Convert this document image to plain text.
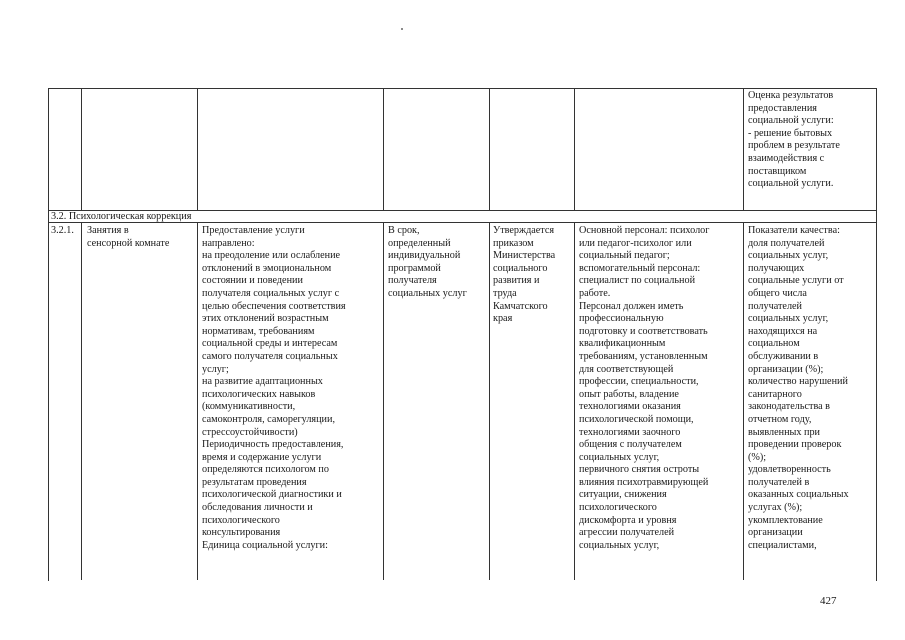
Оценка результатов
предоставления
социальной услуги:
- решение бытовых
проблем в результате
взаимодействия с
поставщиком
социальной услуги.
3.2. Психологическая коррекция
3.2.1.	Занятия в
сенсорной комнате
Предоставление услуги
направлено:
на преодоление или ослабление
отклонений в эмоциональном
состоянии и поведении
получателя социальных услуг с
целью обеспечения соответствия
этих отклонений возрастным
нормативам, требованиям
социальной среды и интересам
самого получателя социальных
услуг;
на развитие адаптационных
психологических навыков
(коммуникативности,
самоконтроля, саморегуляции,
стрессоустойчивости)
Периодичность предоставления,
время и содержание услуги
определяются психологом по
результатам проведения
психологической диагностики и
обследования личности и
психологического
консультирования
Единица социальной услуги:
В срок,
определенный
индивидуальной
программой
получателя
социальных услуг
Утверждается
приказом
Министерства
социального
развития и
труда
Камчатского
края
Основной персонал: психолог
или педагог-психолог или
социальный педагог;
вспомогательный персонал:
специалист по социальной
работе.
Персонал должен иметь
профессиональную
подготовку и соответствовать
квалификационным
требованиям, установленным
для соответствующей
профессии, специальности,
опыт работы, владение
технологиями оказания
психологической помощи,
технологиями заочного
общения с получателем
социальных услуг,
первичного снятия остроты
влияния психотравмирующей
ситуации, снижения
психологического
дискомфорта и уровня
агрессии получателей
социальных услуг,
Показатели качества:
доля получателей
социальных услуг,
получающих
социальные услуги от
общего числа
получателей
социальных услуг,
находящихся на
социальном
обслуживании в
организации (%);
количество нарушений
санитарного
законодательства в
отчетном году,
выявленных при
проведении проверок
(%);
удовлетворенность
получателей в
оказанных социальных
услугах (%);
укомплектование
организации
специалистами,
427
